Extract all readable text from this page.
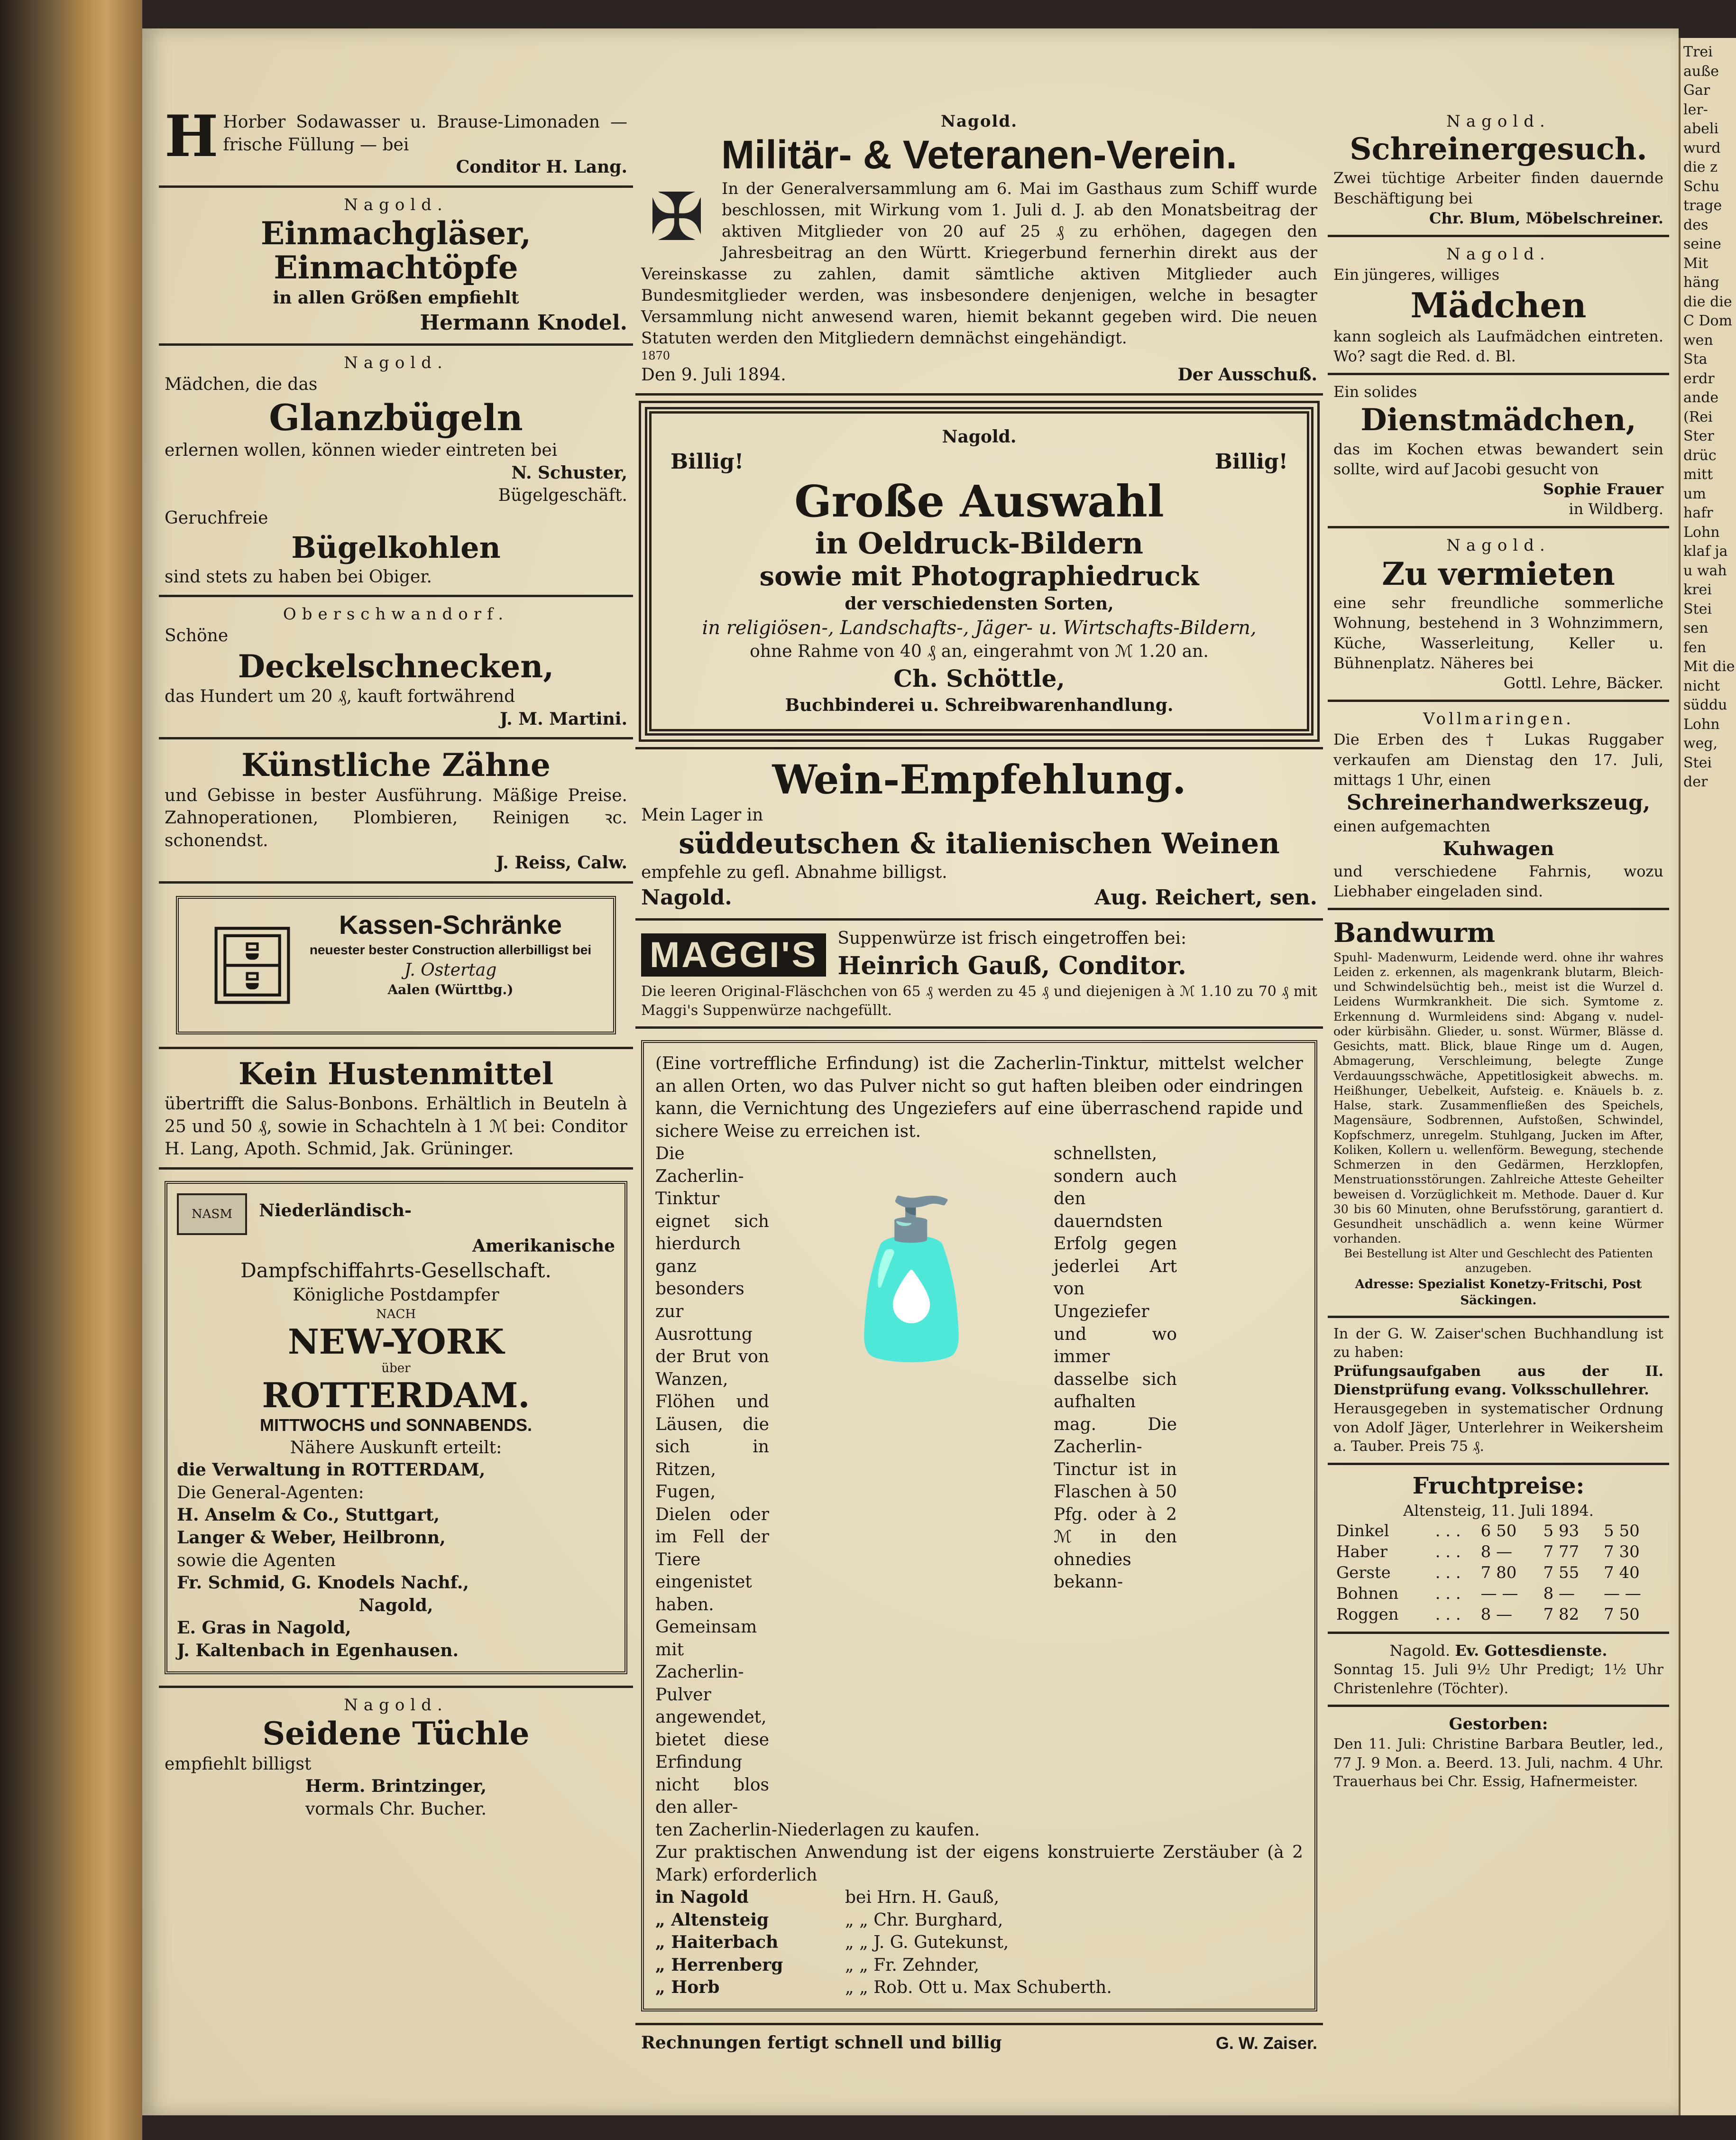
H Horber Sodawasser u. Brause-Limonaden — frische Füllung — bei
Conditor H. Lang.
Nagold.
Einmachgläser, Einmachtöpfe
in allen Größen empfiehlt
Hermann Knodel.
Nagold.
Mädchen, die das
Glanzbügeln
erlernen wollen, können wieder eintreten bei
N. Schuster,
Bügelgeschäft.
Geruchfreie
Bügelkohlen
sind stets zu haben bei Obiger.
Oberschwandorf.
Schöne
Deckelschnecken,
das Hundert um 20 ₰, kauft fortwährend
J. M. Martini.
Künstliche Zähne
und Gebisse in bester Ausführung. Mäßige Preise. Zahnoperationen, Plombieren, Reinigen ꝛc. schonendst.
J. Reiss, Calw.
🗄	Kassen-Schränke
neuester bester Construction allerbilligst bei
J. Ostertag
Aalen (Württbg.)
Kein Hustenmittel
übertrifft die Salus-Bonbons. Erhältlich in Beuteln à 25 und 50 ₰, sowie in Schachteln à 1 ℳ bei: Conditor H. Lang, Apoth. Schmid, Jak. Grüninger.
NASM Niederländisch-
Amerikanische
Dampfschiffahrts-Gesellschaft.
Königliche Postdampfer
NACH
NEW-YORK
über
ROTTERDAM.
MITTWOCHS und SONNABENDS.
Nähere Auskunft erteilt:
die Verwaltung in ROTTERDAM,
Die General-Agenten:
H. Anselm & Co., Stuttgart,
Langer & Weber, Heilbronn,
sowie die Agenten
Fr. Schmid, G. Knodels Nachf.,
Nagold,
E. Gras in Nagold,
J. Kaltenbach in Egenhausen.
Nagold.
Seidene Tüchle
empfiehlt billigst
Herm. Brintzinger,
vormals Chr. Bucher.
Nagold.
Militär- & Veteranen-Verein.
✠	In der Generalversammlung am 6. Mai im Gasthaus zum Schiff wurde beschlossen, mit Wirkung vom 1. Juli d. J. ab den Monatsbeitrag der aktiven Mitglieder von 20 auf 25 ₰ zu erhöhen, dagegen den Jahresbeitrag an den Württ. Kriegerbund fernerhin direkt aus der Vereinskasse zu zahlen, damit sämtliche aktiven Mitglieder auch Bundesmitglieder werden, was insbesondere denjenigen, welche in besagter Versammlung nicht anwesend waren, hiemit bekannt gegeben wird. Die neuen Statuten werden den Mitgliedern demnächst eingehändigt.
1870
Den 9. Juli 1894.	Der Ausschuß.
Nagold.
Billig!	Billig!
Große Auswahl
in Oeldruck-Bildern
sowie mit Photographiedruck
der verschiedensten Sorten,
in religiösen-, Landschafts-, Jäger- u. Wirtschafts-Bildern,
ohne Rahme von 40 ₰ an, eingerahmt von ℳ 1.20 an.
Ch. Schöttle,
Buchbinderei u. Schreibwarenhandlung.
Wein-Empfehlung.
Mein Lager in
süddeutschen & italienischen Weinen
empfehle zu gefl. Abnahme billigst.
Nagold.	Aug. Reichert, sen.
MAGGI'S	Suppenwürze ist frisch eingetroffen bei:
Heinrich Gauß, Conditor.
Die leeren Original-Fläschchen von 65 ₰ werden zu 45 ₰ und diejenigen à ℳ 1.10 zu 70 ₰ mit Maggi's Suppenwürze nachgefüllt.
(Eine vortreffliche Erfindung) ist die Zacherlin-Tinktur, mittelst welcher an allen Orten, wo das Pulver nicht so gut haften bleiben oder eindringen kann, die Vernichtung des Ungeziefers auf eine überraschend rapide und sichere Weise zu erreichen ist.
Die Zacherlin-Tinktur eignet sich hierdurch ganz besonders zur Ausrottung der Brut von Wanzen, Flöhen und Läusen, die sich in Ritzen, Fugen, Dielen oder im Fell der Tiere eingenistet haben. Gemeinsam mit Zacherlin-Pulver angewendet, bietet diese Erfindung nicht blos den aller-
🧴
schnellsten, sondern auch den dauerndsten Erfolg gegen jederlei Art von Ungeziefer und wo immer dasselbe sich aufhalten mag. Die Zacherlin-Tinctur ist in Flaschen à 50 Pfg. oder à 2 ℳ in den ohnedies bekann-
ten Zacherlin-Niederlagen zu kaufen.
Zur praktischen Anwendung ist der eigens konstruierte Zerstäuber (à 2 Mark) erforderlich
in Nagold	bei Hrn. H. Gauß,
„ Altensteig	„ „ Chr. Burghard,
„ Haiterbach	„ „ J. G. Gutekunst,
„ Herrenberg	„ „ Fr. Zehnder,
„ Horb	„ „ Rob. Ott u. Max Schuberth.
Rechnungen fertigt schnell und billig	G. W. Zaiser.
Nagold.
Schreinergesuch.
Zwei tüchtige Arbeiter finden dauernde Beschäftigung bei
Chr. Blum, Möbelschreiner.
Nagold.
Ein jüngeres, williges
Mädchen
kann sogleich als Laufmädchen eintreten. Wo? sagt die Red. d. Bl.
Ein solides
Dienstmädchen,
das im Kochen etwas bewandert sein sollte, wird auf Jacobi gesucht von
Sophie Frauer
in Wildberg.
Nagold.
Zu vermieten
eine sehr freundliche sommerliche Wohnung, bestehend in 3 Wohnzimmern, Küche, Wasserleitung, Keller u. Bühnenplatz. Näheres bei
Gottl. Lehre, Bäcker.
Vollmaringen.
Die Erben des † Lukas Ruggaber verkaufen am Dienstag den 17. Juli, mittags 1 Uhr, einen
Schreinerhandwerkszeug,
einen aufgemachten
Kuhwagen
und verschiedene Fahrnis, wozu Liebhaber eingeladen sind.
Bandwurm
Spuhl- Madenwurm, Leidende werd. ohne ihr wahres Leiden z. erkennen, als magenkrank blutarm, Bleich- und Schwindelsüchtig beh., meist ist die Wurzel d. Leidens Wurmkrankheit. Die sich. Symtome z. Erkennung d. Wurmleidens sind: Abgang v. nudel- oder kürbisähn. Glieder, u. sonst. Würmer, Blässe d. Gesichts, matt. Blick, blaue Ringe um d. Augen, Abmagerung, Verschleimung, belegte Zunge Verdauungsschwäche, Appetitlosigkeit abwechs. m. Heißhunger, Uebelkeit, Aufsteig. e. Knäuels b. z. Halse, stark. Zusammenfließen des Speichels, Magensäure, Sodbrennen, Aufstoßen, Schwindel, Kopfschmerz, unregelm. Stuhlgang, Jucken im After, Koliken, Kollern u. wellenförm. Bewegung, stechende Schmerzen in den Gedärmen, Herzklopfen, Menstruationsstörungen. Zahlreiche Atteste Geheilter beweisen d. Vorzüglichkeit m. Methode. Dauer d. Kur 30 bis 60 Minuten, ohne Berufsstörung, garantiert d. Gesundheit unschädlich a. wenn keine Würmer vorhanden.
Bei Bestellung ist Alter und Geschlecht des Patienten anzugeben.
Adresse: Spezialist Konetzy-Fritschi, Post Säckingen.
In der G. W. Zaiser'schen Buchhandlung ist zu haben:
Prüfungsaufgaben aus der II. Dienstprüfung evang. Volksschullehrer.
Herausgegeben in systematischer Ordnung von Adolf Jäger, Unterlehrer in Weikersheim a. Tauber. Preis 75 ₰.
Fruchtpreise:
Altensteig, 11. Juli 1894.
Dinkel	. . .	6 50	5 93	5 50
Haber	. . .	8 —	7 77	7 30
Gerste	. . .	7 80	7 55	7 40
Bohnen	. . .	— —	8 —	— —
Roggen	. . .	8 —	7 82	7 50
Nagold. Ev. Gottesdienste.
Sonntag 15. Juli 9½ Uhr Predigt; 1½ Uhr Christenlehre (Töchter).
Gestorben:
Den 11. Juli: Christine Barbara Beutler, led., 77 J. 9 Mon. a. Beerd. 13. Juli, nachm. 4 Uhr. Trauerhaus bei Chr. Essig, Hafnermeister.
Trei auße Gar ler- abeli wurd die z Schu trage des seine Mit häng die die C Dom wen Sta erdr ande (Rei Ster drüc mitt um hafr Lohn klaf ja u wah krei Stei sen fen Mit die nicht süddu Lohn weg, Stei der
